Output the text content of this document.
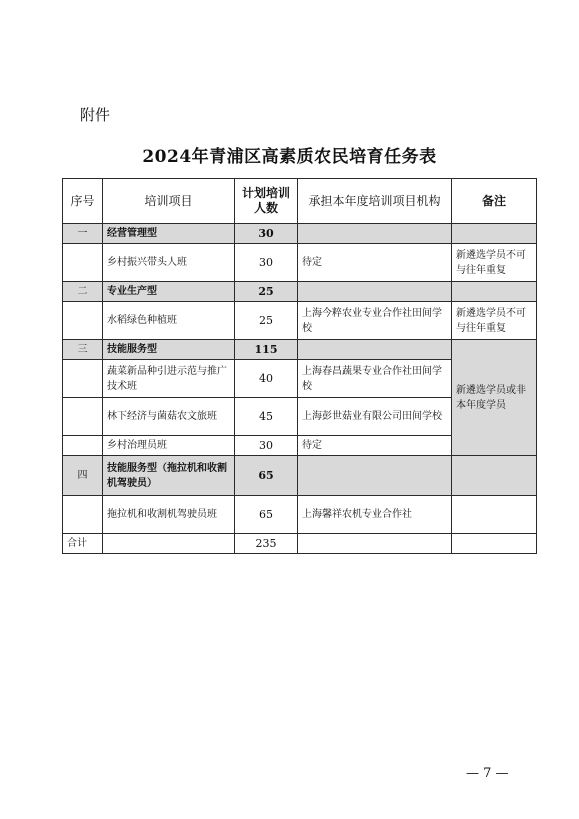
附件
2024年青浦区高素质农民培育任务表
序号	培训项目	计划培训人数	承担本年度培训项目机构	备注
一	经营管理型	30		
	乡村振兴带头人班	30	待定	新遴选学员不可与往年重复
二	专业生产型	25		
	水稻绿色种植班	25	上海今粹农业专业合作社田间学校	新遴选学员不可与往年重复
三	技能服务型	115		新遴选学员或非本年度学员
	蔬菜新品种引进示范与推广技术班	40	上海春昌蔬果专业合作社田间学校	
	林下经济与菌菇农文旅班	45	上海彭世菇业有限公司田间学校	
	乡村治理员班	30	待定	
四	技能服务型（拖拉机和收割机驾驶员）	65		
	拖拉机和收割机驾驶员班	65	上海馨祥农机专业合作社	
合计		235		
— 7 —
